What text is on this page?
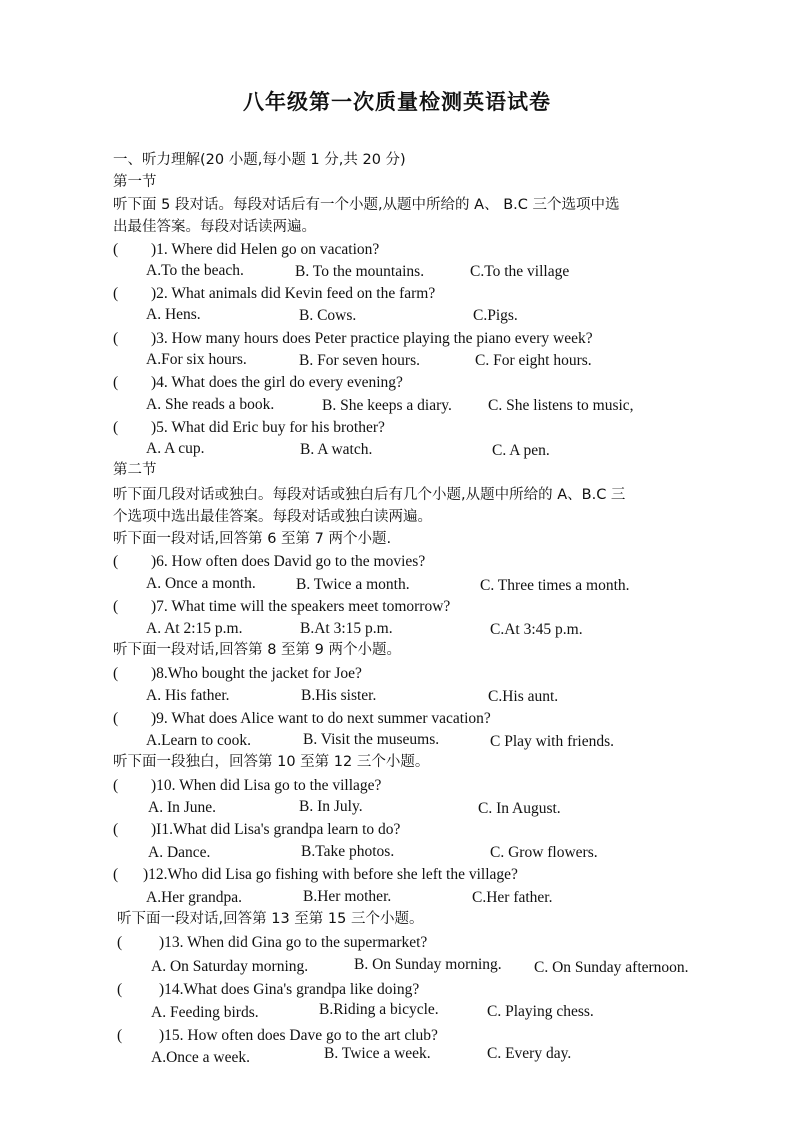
八年级第一次质量检测英语试卷
一、听力理解(20 小题,每小题 1 分,共 20 分)
第一节
听下面 5 段对话。每段对话后有一个小题,从题中所给的 A、 B.C 三个选项中选
出最佳答案。每段对话读两遍。
( )1. Where did Helen go on vacation?
A.To the beach.	B. To the mountains.	C.To the village
( )2. What animals did Kevin feed on the farm?
A. Hens.	B. Cows.	C.Pigs.
( )3. How many hours does Peter practice playing the piano every week?
A.For six hours.	B. For seven hours.	C. For eight hours.
( )4. What does the girl do every evening?
A. She reads a book.	B. She keeps a diary. C. She listens to music,
( )5. What did Eric buy for his brother?
A. A cup.	B. A watch.	C. A pen.
第二节
听下面几段对话或独白。每段对话或独白后有几个小题,从题中所给的 A、B.C 三
个选项中选出最佳答案。每段对话或独白读两遍。
听下面一段对话,回答第 6 至第 7 两个小题.
( )6. How often does David go to the movies?
A. Once a month.	B. Twice a month.	C. Three times a month.
( )7. What time will the speakers meet tomorrow?
A. At 2:15 p.m.	B.At 3:15 p.m.	C.At 3:45 p.m.
听下面一段对话,回答第 8 至第 9 两个小题。
( )8.Who bought the jacket for Joe?
A. His father.	B.His sister.	C.His aunt.
( )9. What does Alice want to do next summer vacation?
A.Learn to cook.	B. Visit the museums.	C Play with friends.
听下面一段独白，回答第 10 至第 12 三个小题。
( )10. When did Lisa go to the village?
A. In June.	B. In July.	C. In August.
( )I1.What did Lisa's grandpa learn to do?
A. Dance.	B.Take photos.	C. Grow flowers.
( )12.Who did Lisa go fishing with before she left the village?
A.Her grandpa.	B.Her mother.	C.Her father.
听下面一段对话,回答第 13 至第 15 三个小题。
( )13. When did Gina go to the supermarket?
A. On Saturday morning.	B. On Sunday morning. C. On Sunday afternoon.
( )14.What does Gina's grandpa like doing?
A. Feeding birds.	B.Riding a bicycle.	C. Playing chess.
( )15. How often does Dave go to the art club?
A.Once a week.	B. Twice a week.	C. Every day.
